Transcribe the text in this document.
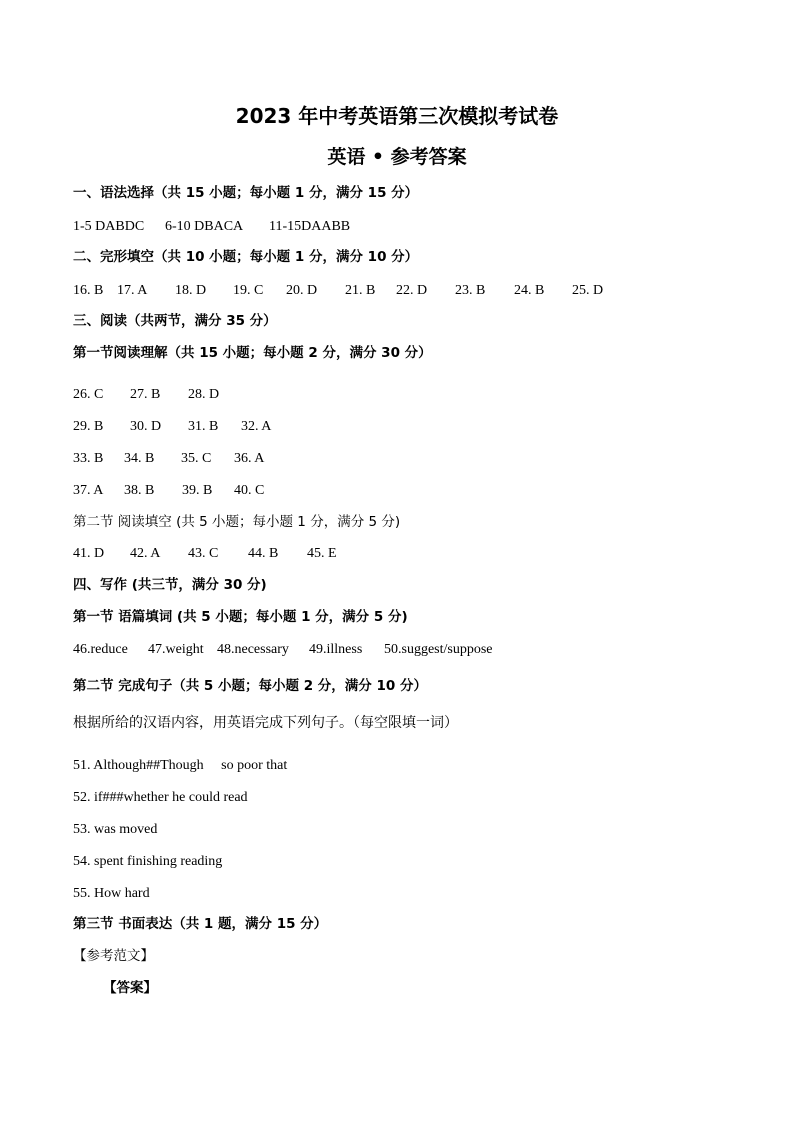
2023 年中考英语第三次模拟考试卷
英语 • 参考答案
一、语法选择（共 15 小题；每小题 1 分，满分 15 分）
1-5 DABDC 6-10 DBACA 11-15DAABB
二、完形填空（共 10 小题；每小题 1 分，满分 10 分）
16. B 17. A 18. D 19. C 20. D 21. B 22. D 23. B 24. B 25. D
三、阅读（共两节，满分 35 分）
第一节阅读理解（共 15 小题；每小题 2 分，满分 30 分）
26. C 27. B 28. D
29. B 30. D 31. B 32. A
33. B 34. B 35. C 36. A
37. A 38. B 39. B 40. C
第二节 阅读填空 (共 5 小题；每小题 1 分，满分 5 分)
41. D 42. A 43. C 44. B 45. E
四、写作 (共三节，满分 30 分)
第一节 语篇填词 (共 5 小题；每小题 1 分，满分 5 分)
46.reduce 47.weight 48.necessary 49.illness 50.suggest/suppose
第二节 完成句子（共 5 小题；每小题 2 分，满分 10 分）
根据所给的汉语内容，用英语完成下列句子。（每空限填一词）
51. Although##Though     so poor that
52. if###whether he could read
53. was moved
54. spent finishing reading
55. How hard
第三节 书面表达（共 1 题，满分 15 分）
【参考范文】
【答案】
